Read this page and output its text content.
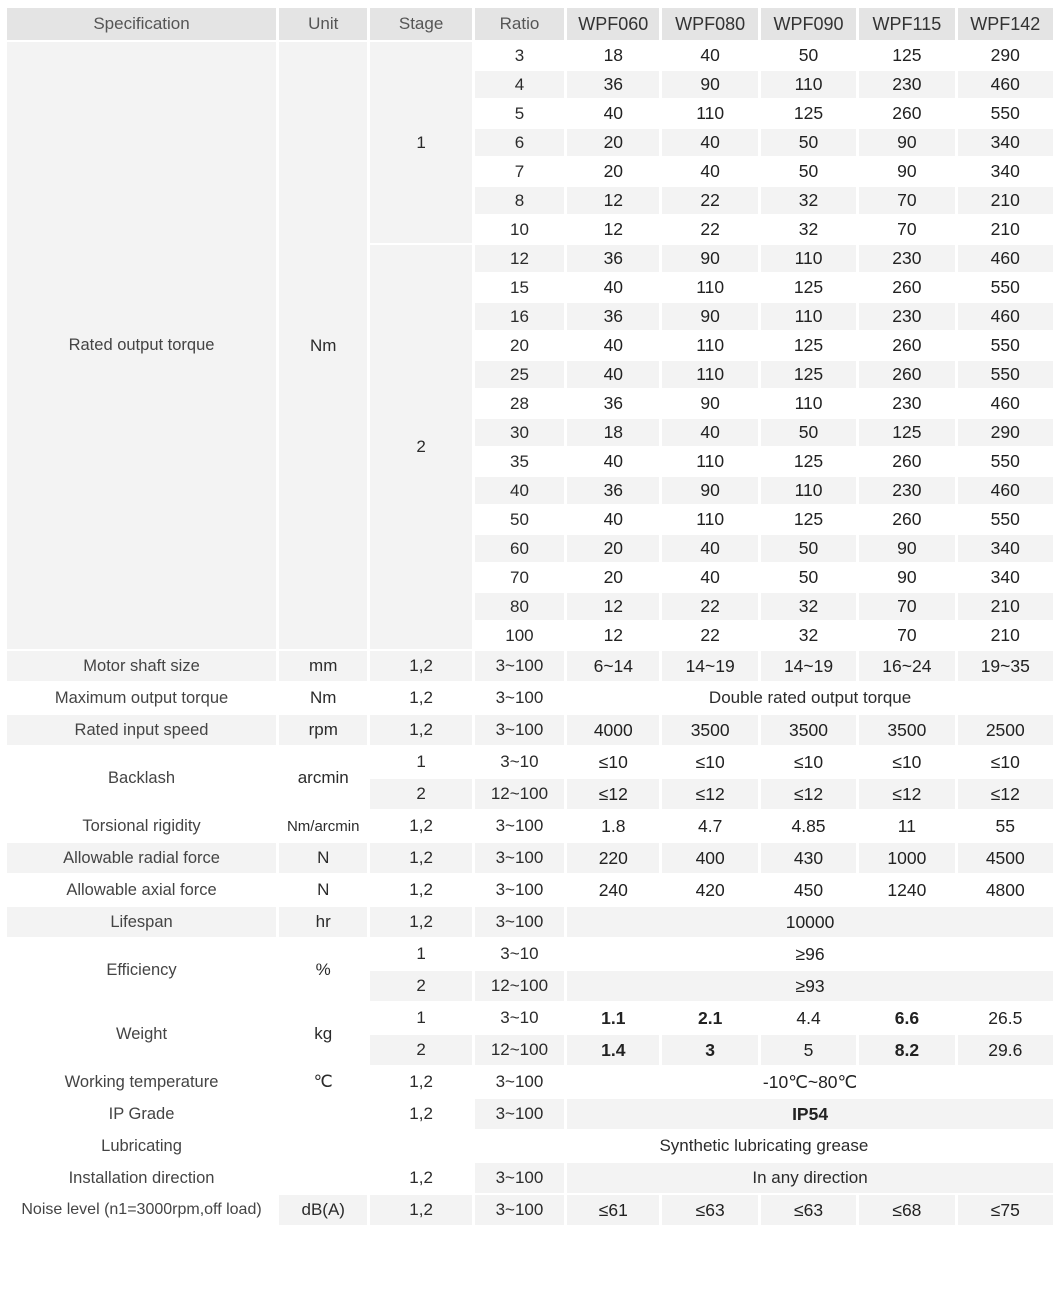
Specification	Unit	Stage	Ratio	WPF060	WPF080	WPF090	WPF115	WPF142
Rated output torque	Nm	1	3	18	40	50	125	290
			4	36	90	110	230	460
			5	40	110	125	260	550
			6	20	40	50	90	340
			7	20	40	50	90	340
			8	12	22	32	70	210
			10	12	22	32	70	210
		2	12	36	90	110	230	460
			15	40	110	125	260	550
			16	36	90	110	230	460
			20	40	110	125	260	550
			25	40	110	125	260	550
			28	36	90	110	230	460
			30	18	40	50	125	290
			35	40	110	125	260	550
			40	36	90	110	230	460
			50	40	110	125	260	550
			60	20	40	50	90	340
			70	20	40	50	90	340
			80	12	22	32	70	210
			100	12	22	32	70	210
Motor shaft size	mm	1,2	3~100	6~14	14~19	14~19	16~24	19~35
Maximum output torque	Nm	1,2	3~100	Double rated output torque				
Rated input speed	rpm	1,2	3~100	4000	3500	3500	3500	2500
Backlash	arcmin	1	3~10	≤10	≤10	≤10	≤10	≤10
		2	12~100	≤12	≤12	≤12	≤12	≤12
Torsional rigidity	Nm/arcmin	1,2	3~100	1.8	4.7	4.85	11	55
Allowable radial force	N	1,2	3~100	220	400	430	1000	4500
Allowable axial force	N	1,2	3~100	240	420	450	1240	4800
Lifespan	hr	1,2	3~100	10000				
Efficiency	%	1	3~10	≥96				
		2	12~100	≥93				
Weight	kg	1	3~10	1.1	2.1	4.4	6.6	26.5
		2	12~100	1.4	3	5	8.2	29.6
Working temperature	℃	1,2	3~100	-10℃~80℃				
IP Grade		1,2	3~100	IP54				
Lubricating			Synthetic lubricating grease					
Installation direction		1,2	3~100	In any direction				
Noise level (n1=3000rpm,off load)	dB(A)	1,2	3~100	≤61	≤63	≤63	≤68	≤75
